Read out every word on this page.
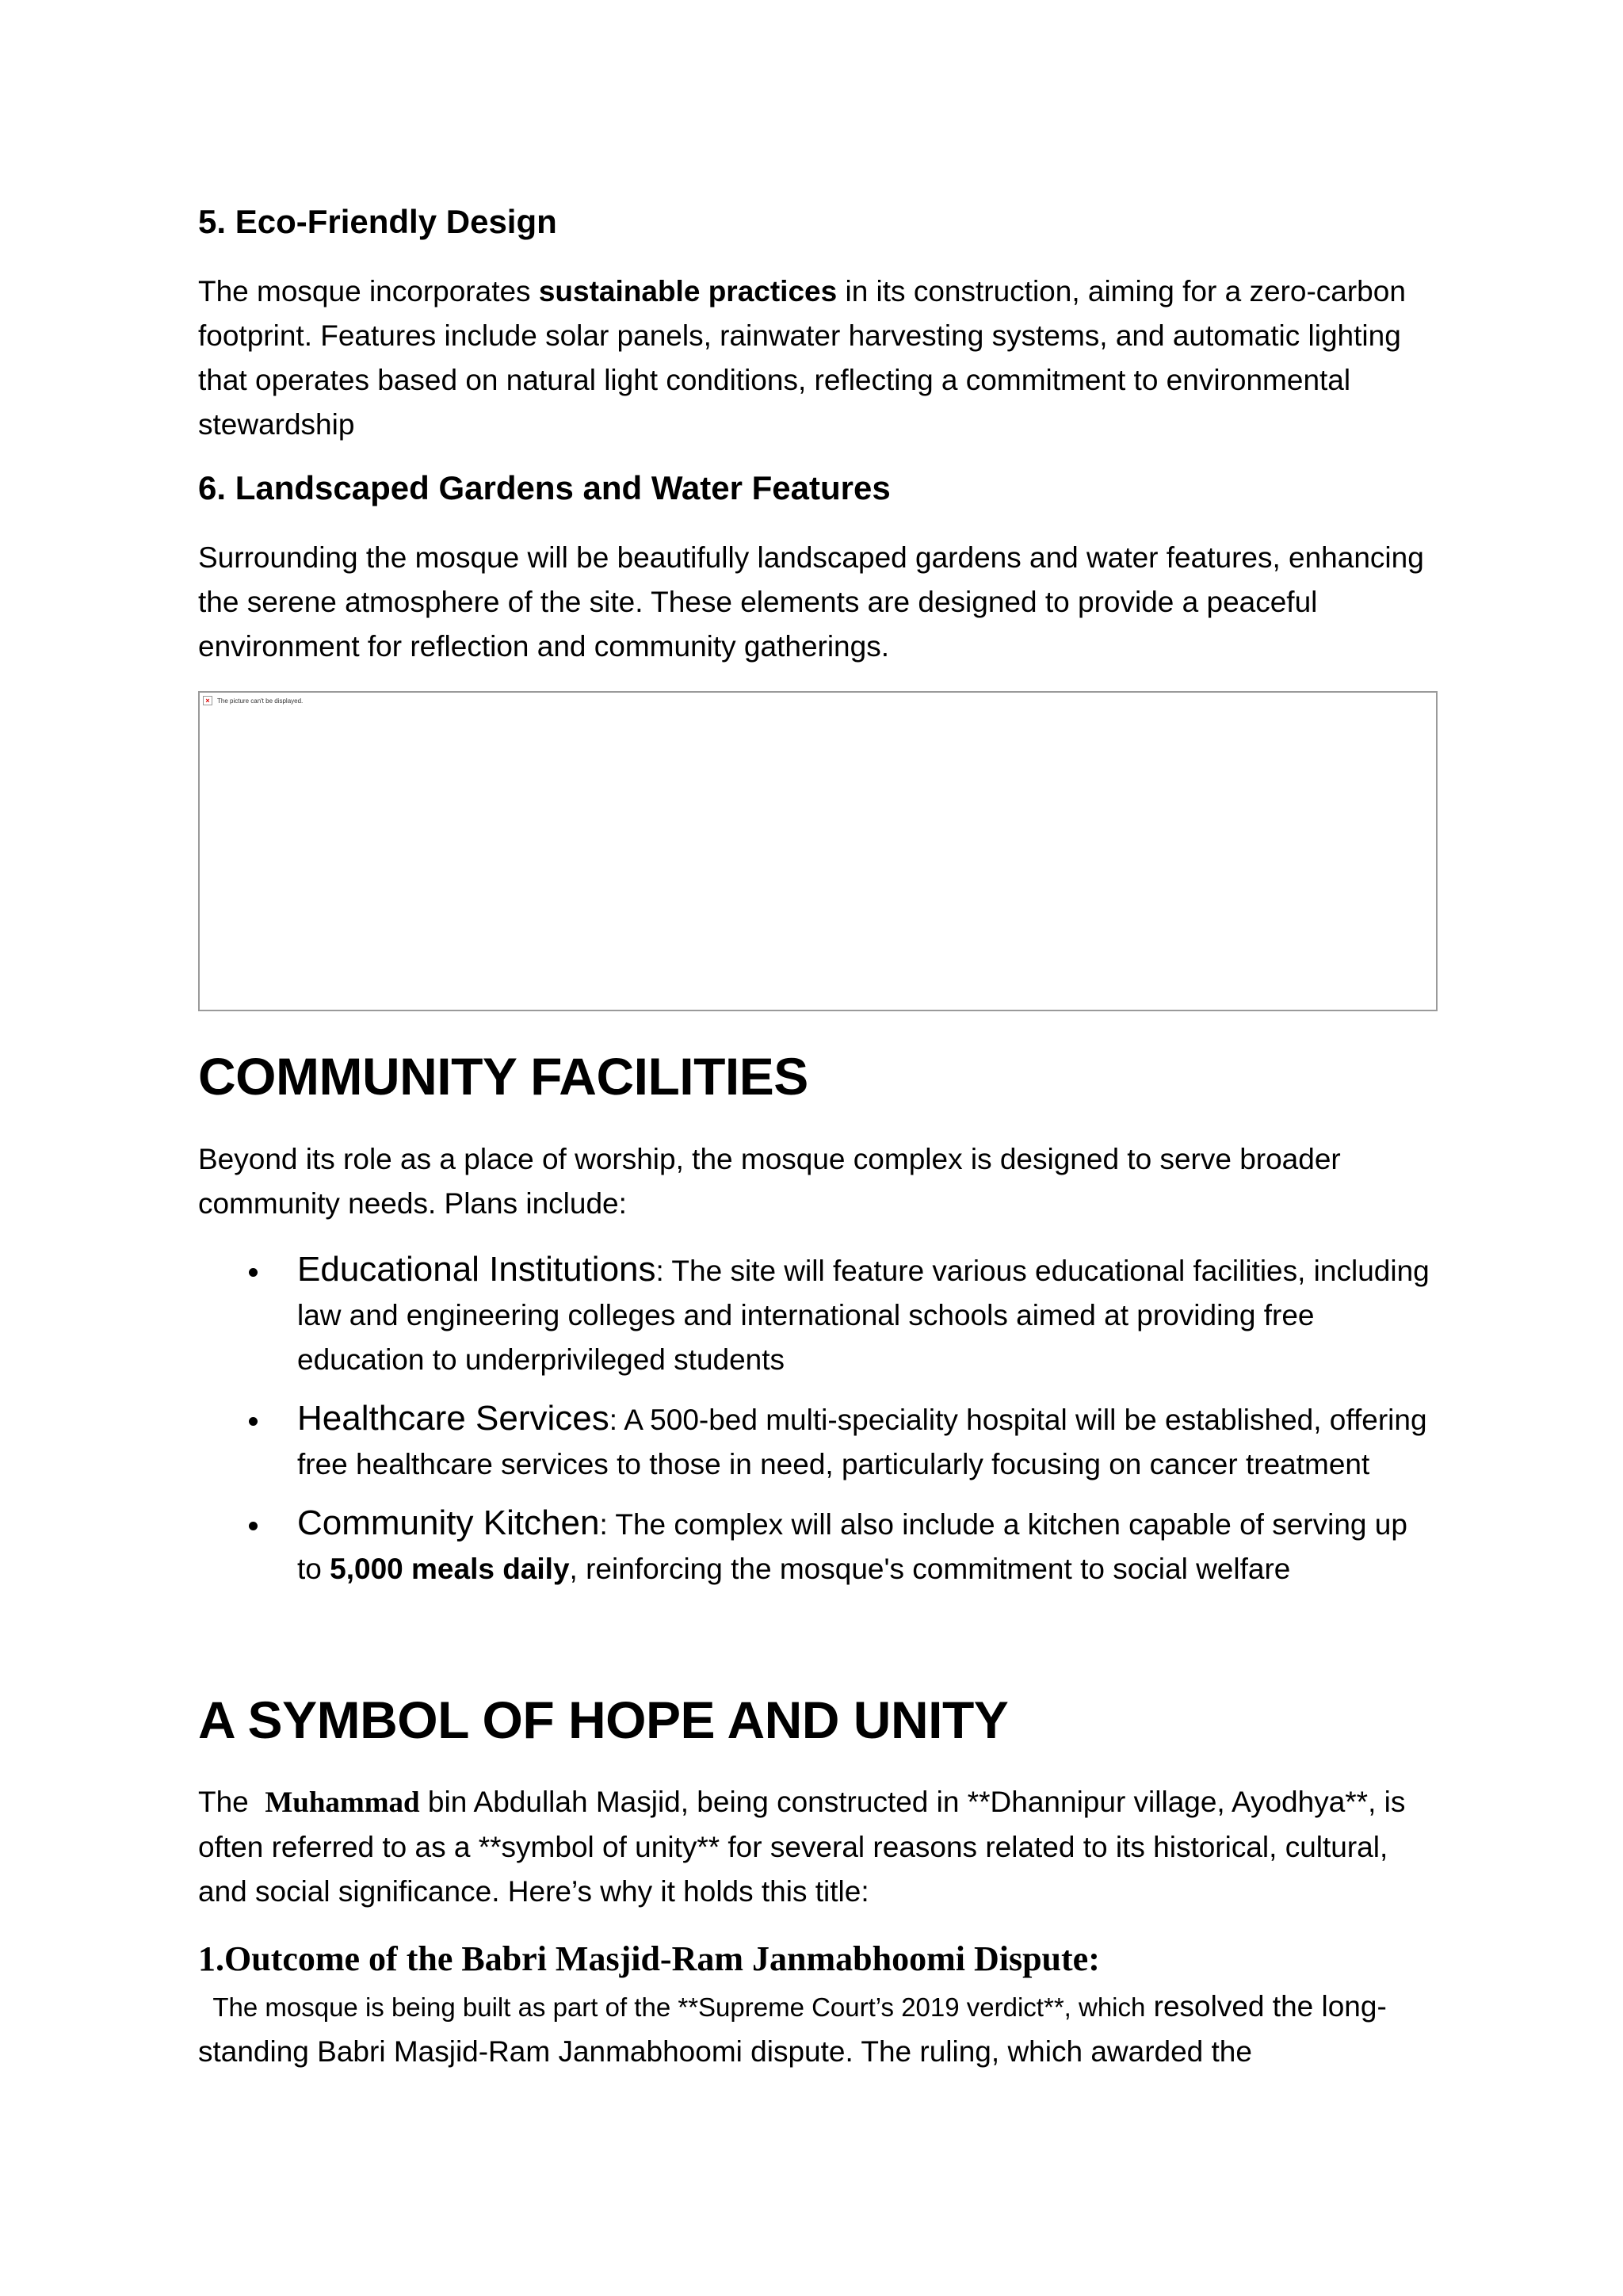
5. Eco-Friendly Design

The mosque incorporates sustainable practices in its construction, aiming for a zero-carbon footprint. Features include solar panels, rainwater harvesting systems, and automatic lighting that operates based on natural light conditions, reflecting a commitment to environmental stewardship

6. Landscaped Gardens and Water Features

Surrounding the mosque will be beautifully landscaped gardens and water features, enhancing the serene atmosphere of the site. These elements are designed to provide a peaceful environment for reflection and community gatherings.

×	The picture can't be displayed.
COMMUNITY FACILITIES

Beyond its role as a place of worship, the mosque complex is designed to serve broader community needs. Plans include:

Educational Institutions: The site will feature various educational facilities, including law and engineering colleges and international schools aimed at providing free education to underprivileged students
Healthcare Services: A 500-bed multi-speciality hospital will be established, offering free healthcare services to those in need, particularly focusing on cancer treatment
Community Kitchen: The complex will also include a kitchen capable of serving up to 5,000 meals daily, reinforcing the mosque's commitment to social welfare
A SYMBOL OF HOPE AND UNITY

The  Muhammad bin Abdullah Masjid, being constructed in **Dhannipur village, Ayodhya**, is often referred to as a **symbol of unity** for several reasons related to its historical, cultural, and social significance. Here’s why it holds this title:

1.Outcome of the Babri Masjid-Ram Janmabhoomi Dispute:

The mosque is being built as part of the **Supreme Court’s 2019 verdict**, which resolved the long-standing Babri Masjid-Ram Janmabhoomi dispute. The ruling, which awarded the
